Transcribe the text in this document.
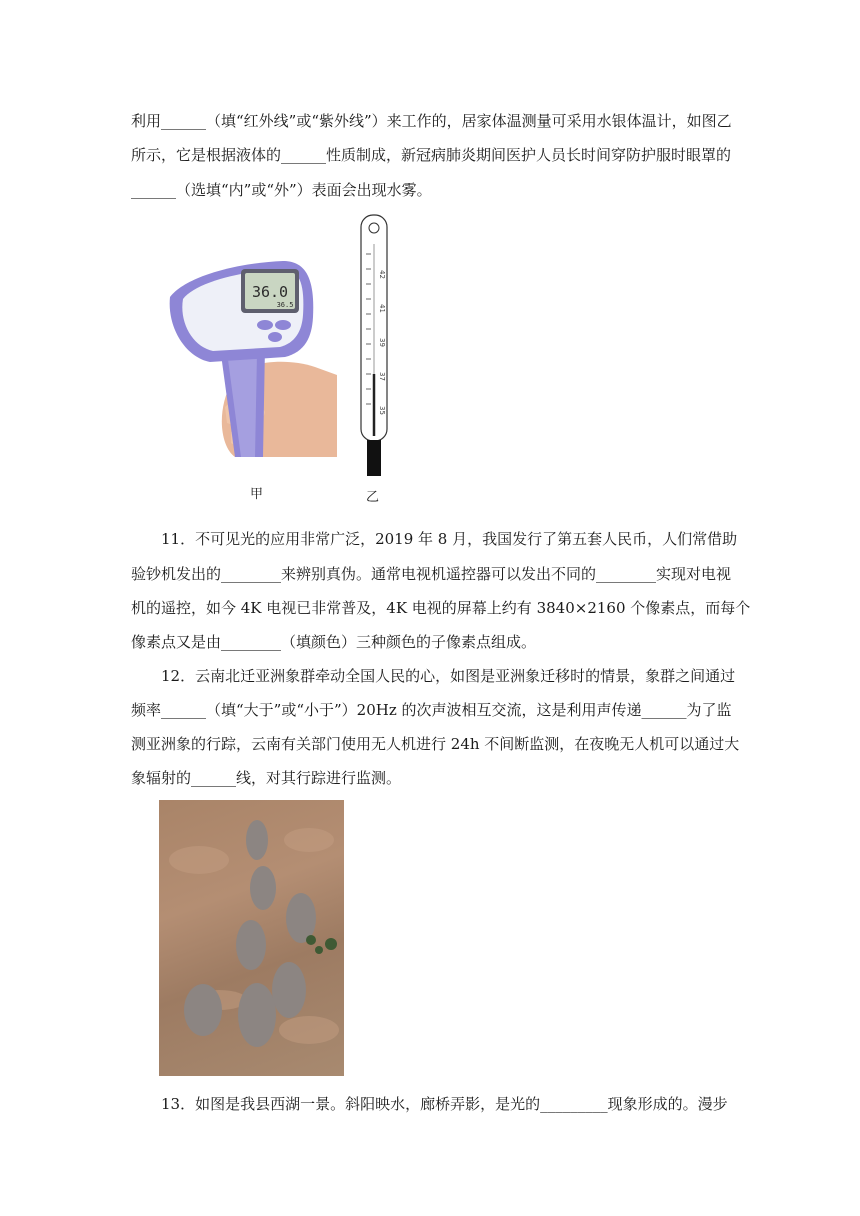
利用______（填“红外线”或“紫外线”）来工作的，居家体温测量可采用水银体温计，如图乙
所示，它是根据液体的______性质制成，新冠病肺炎期间医护人员长时间穿防护服时眼罩的
______（选填“内”或“外”）表面会出现水雾。
36.0
36.5
甲
42
41
39
37
35
乙
11．不可见光的应用非常广泛，2019 年 8 月，我国发行了第五套人民币，人们常借助
验钞机发出的________来辨别真伪。通常电视机遥控器可以发出不同的________实现对电视
机的遥控，如今 4K 电视已非常普及，4K 电视的屏幕上约有 3840×2160 个像素点，而每个
像素点又是由________（填颜色）三种颜色的子像素点组成。
12．云南北迁亚洲象群牵动全国人民的心，如图是亚洲象迁移时的情景，象群之间通过
频率______（填“大于”或“小于”）20Hz 的次声波相互交流，这是利用声传递______为了监
测亚洲象的行踪，云南有关部门使用无人机进行 24h 不间断监测，在夜晚无人机可以通过大
象辐射的______线，对其行踪进行监测。
13．如图是我县西湖一景。斜阳映水，廊桥弄影，是光的_________现象形成的。漫步
